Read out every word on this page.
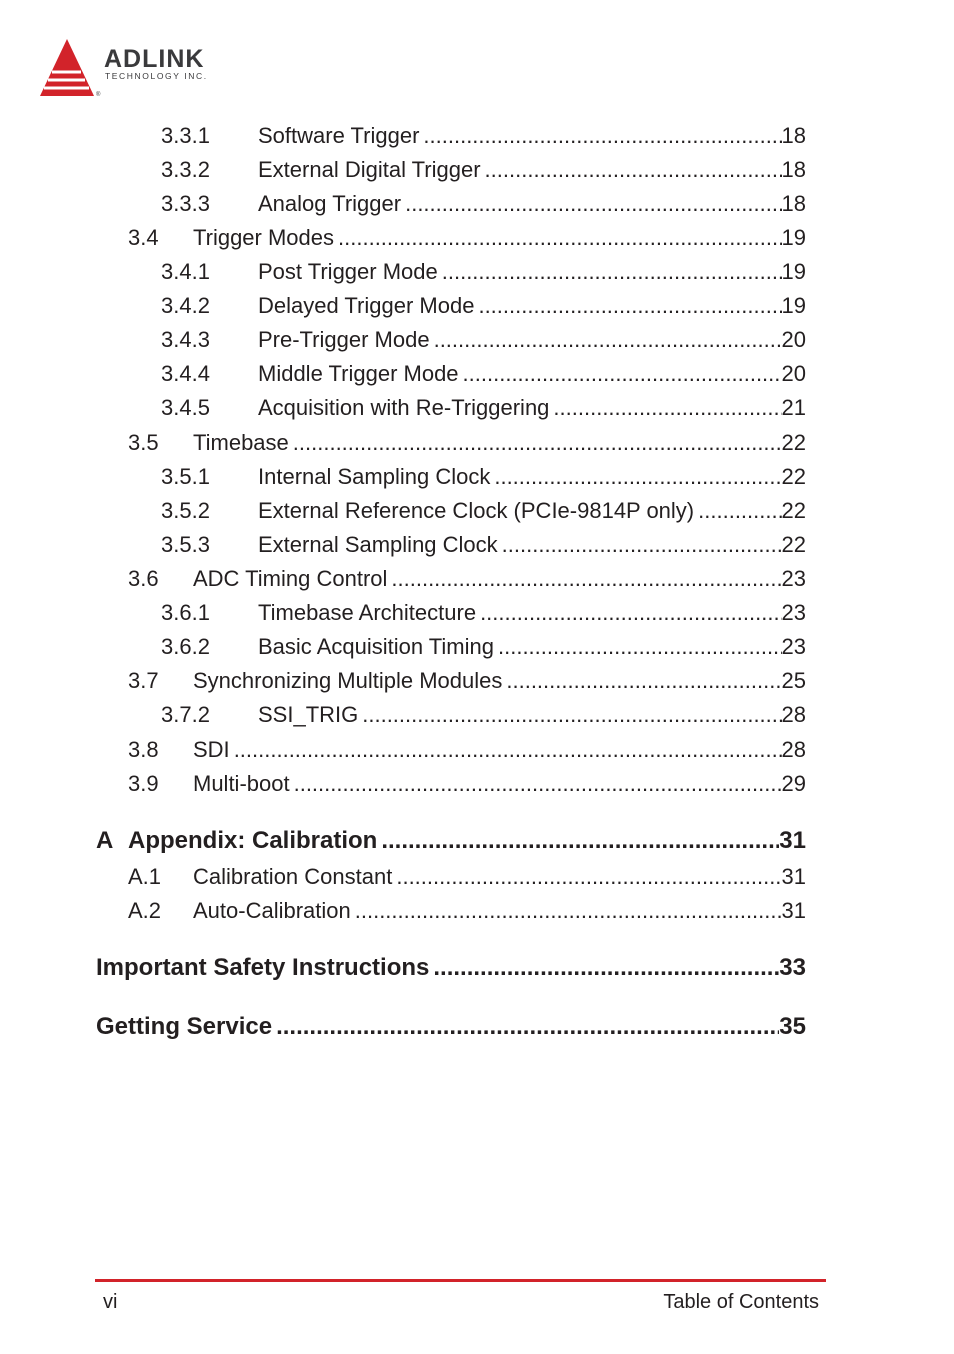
®
ADLINK
TECHNOLOGY INC.
3.3.1	Software Trigger .....	18
3.3.2	External Digital Trigger .....	18
3.3.3	Analog Trigger .....	18
3.4	Trigger Modes .....	19
3.4.1	Post Trigger Mode .....	19
3.4.2	Delayed Trigger Mode .....	19
3.4.3	Pre-Trigger Mode .....	20
3.4.4	Middle Trigger Mode .....	20
3.4.5	Acquisition with Re-Triggering .....	21
3.5	Timebase .....	22
3.5.1	Internal Sampling Clock .....	22
3.5.2	External Reference Clock (PCIe-9814P only) .....	22
3.5.3	External Sampling Clock .....	22
3.6	ADC Timing Control .....	23
3.6.1	Timebase Architecture .....	23
3.6.2	Basic Acquisition Timing .....	23
3.7	Synchronizing Multiple Modules .....	25
3.7.2	SSI_TRIG .....	28
3.8	SDI .....	28
3.9	Multi-boot .....	29
A Appendix: Calibration .....	31
A.1	Calibration Constant .....	31
A.2	Auto-Calibration .....	31
Important Safety Instructions .....	33
Getting Service .....	35
vi	Table of Contents
